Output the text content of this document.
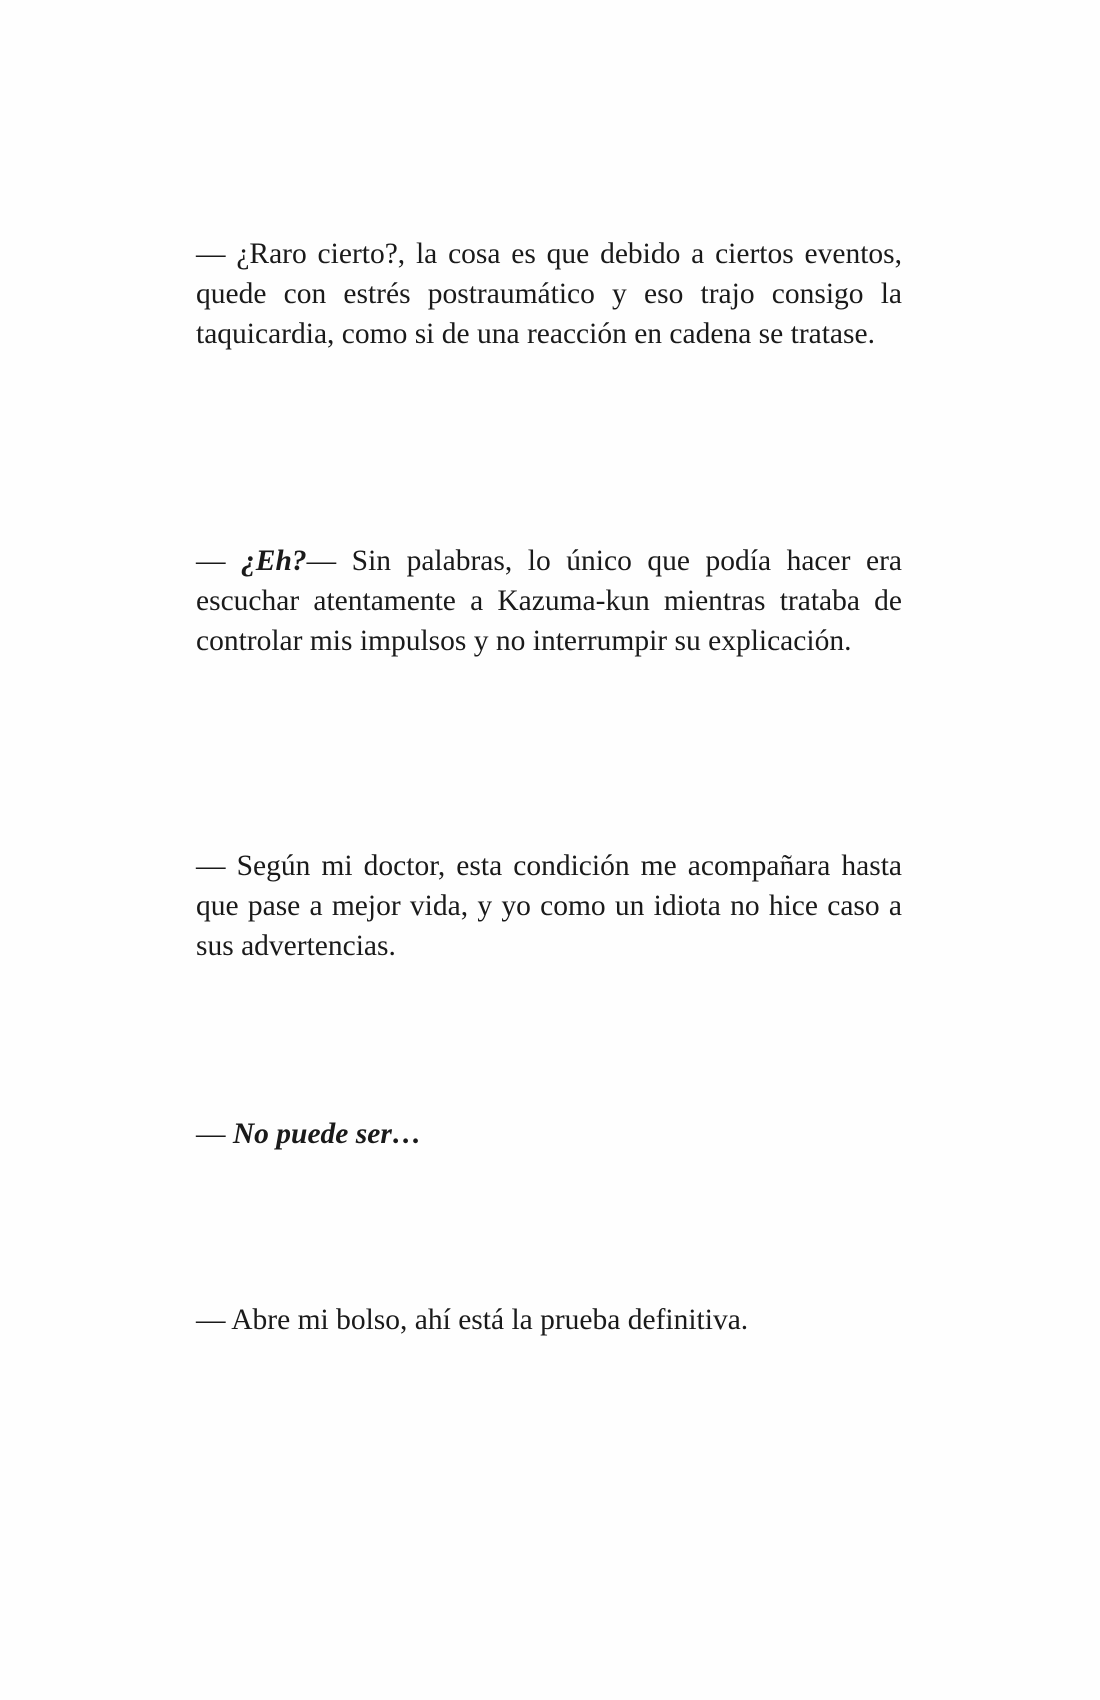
— ¿Raro cierto?, la cosa es que debido a ciertos eventos, quede con estrés postraumático y eso trajo consigo la taquicardia, como si de una reacción en cadena se tratase.

— ¿Eh?— Sin palabras, lo único que podía hacer era escuchar atentamente a Kazuma-kun mientras trataba de controlar mis impulsos y no interrumpir su explicación.

— Según mi doctor, esta condición me acompañara hasta que pase a mejor vida, y yo como un idiota no hice caso a sus advertencias.

— No puede ser…

— Abre mi bolso, ahí está la prueba definitiva.
